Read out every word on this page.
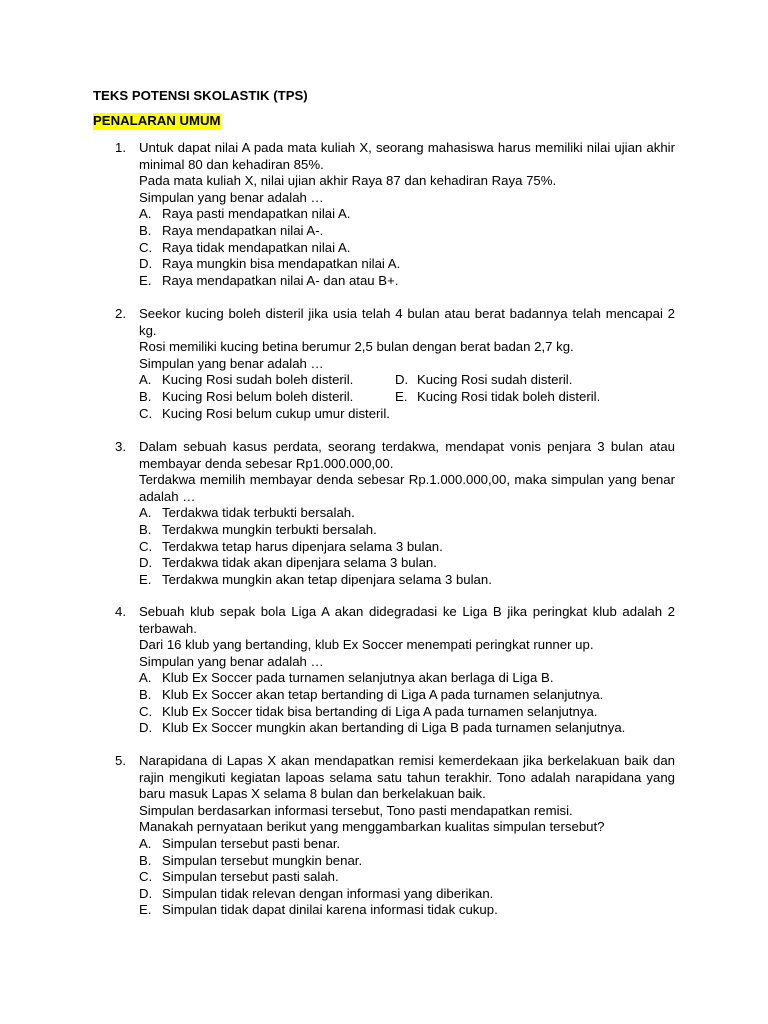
TEKS POTENSI SKOLASTIK (TPS)
PENALARAN UMUM
1. Untuk dapat nilai A pada mata kuliah X, seorang mahasiswa harus memiliki nilai ujian akhir minimal 80 dan kehadiran 85%.
Pada mata kuliah X, nilai ujian akhir Raya 87 dan kehadiran Raya 75%.
Simpulan yang benar adalah …
A. Raya pasti mendapatkan nilai A.
B. Raya mendapatkan nilai A-.
C. Raya tidak mendapatkan nilai A.
D. Raya mungkin bisa mendapatkan nilai A.
E. Raya mendapatkan nilai A- dan atau B+.
2. Seekor kucing boleh disteril jika usia telah 4 bulan atau berat badannya telah mencapai 2 kg.
Rosi memiliki kucing betina berumur 2,5 bulan dengan berat badan 2,7 kg.
Simpulan yang benar adalah …
A. Kucing Rosi sudah boleh disteril.	D. Kucing Rosi sudah disteril.
B. Kucing Rosi belum boleh disteril.	E. Kucing Rosi tidak boleh disteril.
C. Kucing Rosi belum cukup umur disteril.
3. Dalam sebuah kasus perdata, seorang terdakwa, mendapat vonis penjara 3 bulan atau membayar denda sebesar Rp1.000.000,00.
Terdakwa memilih membayar denda sebesar Rp.1.000.000,00, maka simpulan yang benar adalah …
A. Terdakwa tidak terbukti bersalah.
B. Terdakwa mungkin terbukti bersalah.
C. Terdakwa tetap harus dipenjara selama 3 bulan.
D. Terdakwa tidak akan dipenjara selama 3 bulan.
E. Terdakwa mungkin akan tetap dipenjara selama 3 bulan.
4. Sebuah klub sepak bola Liga A akan didegradasi ke Liga B jika peringkat klub adalah 2 terbawah.
Dari 16 klub yang bertanding, klub Ex Soccer menempati peringkat runner up.
Simpulan yang benar adalah …
A. Klub Ex Soccer pada turnamen selanjutnya akan berlaga di Liga B.
B. Klub Ex Soccer akan tetap bertanding di Liga A pada turnamen selanjutnya.
C. Klub Ex Soccer tidak bisa bertanding di Liga A pada turnamen selanjutnya.
D. Klub Ex Soccer mungkin akan bertanding di Liga B pada turnamen selanjutnya.
5. Narapidana di Lapas X akan mendapatkan remisi kemerdekaan jika berkelakuan baik dan rajin mengikuti kegiatan lapoas selama satu tahun terakhir. Tono adalah narapidana yang baru masuk Lapas X selama 8 bulan dan berkelakuan baik.
Simpulan berdasarkan informasi tersebut, Tono pasti mendapatkan remisi.
Manakah pernyataan berikut yang menggambarkan kualitas simpulan tersebut?
A. Simpulan tersebut pasti benar.
B. Simpulan tersebut mungkin benar.
C. Simpulan tersebut pasti salah.
D. Simpulan tidak relevan dengan informasi yang diberikan.
E. Simpulan tidak dapat dinilai karena informasi tidak cukup.
